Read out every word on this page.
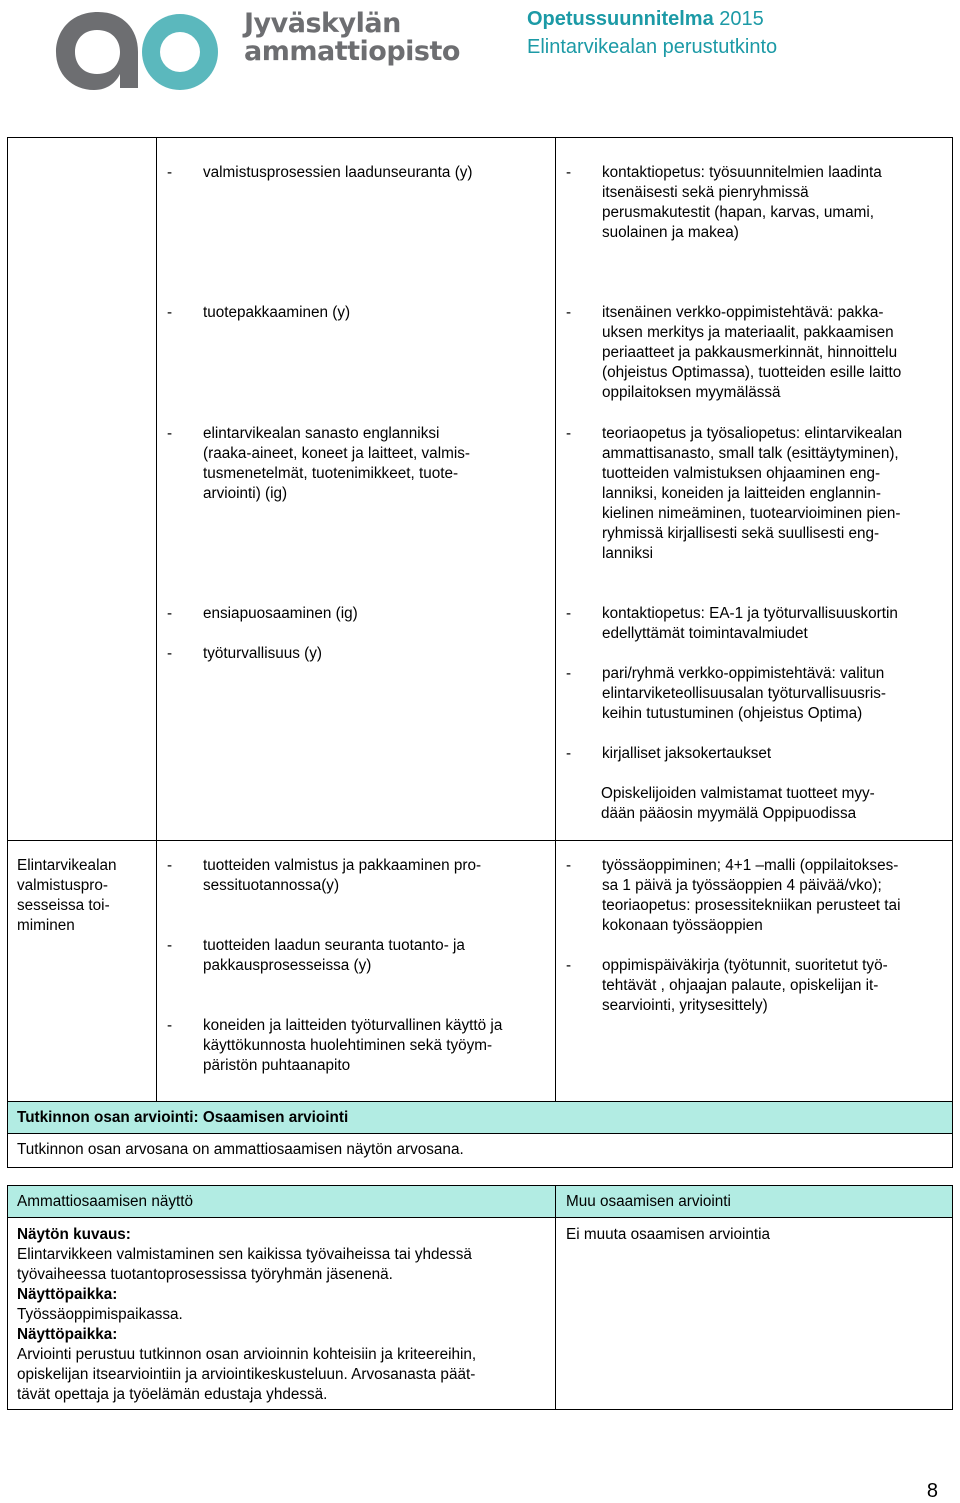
Jyväskylän
ammattiopisto
Opetussuunnitelma 2015
Elintarvikealan perustutkinto
- valmistusprosessien laadunseuranta (y)	- kontaktiopetus: työsuunnitelmien laadinta
itsenäisesti sekä pienryhmissä
perusmakutestit (hapan, karvas, umami,
suolainen ja makea)
- tuotepakkaaminen (y)
- elintarvikealan sanasto englanniksi
(raaka-aineet, koneet ja laitteet, valmis-
tusmenetelmät, tuotenimikkeet, tuote-
arviointi) (ig)
- itsenäinen verkko-oppimistehtävä: pakka-
uksen merkitys ja materiaalit, pakkaamisen
periaatteet ja pakkausmerkinnät, hinnoittelu
(ohjeistus Optimassa), tuotteiden esille laitto
oppilaitoksen myymälässä
- teoriaopetus ja työsaliopetus: elintarvikealan
ammattisanasto, small talk (esittäytyminen),
tuotteiden valmistuksen ohjaaminen eng-
lanniksi, koneiden ja laitteiden englannin-
kielinen nimeäminen, tuotearvioiminen pien-
ryhmissä kirjallisesti sekä suullisesti eng-
lanniksi
- ensiapuosaaminen (ig)
- työturvallisuus (y)
- kontaktiopetus: EA-1 ja työturvallisuuskortin
edellyttämät toimintavalmiudet
- pari/ryhmä verkko-oppimistehtävä: valitun
elintarviketeollisuusalan työturvallisuusris-
keihin tutustuminen (ohjeistus Optima)
- kirjalliset jaksokertaukset
Opiskelijoiden valmistamat tuotteet myy-
dään pääosin myymälä Oppipuodissa
Elintarvikealan
valmistuspro-
sesseissa toi-
miminen
- tuotteiden valmistus ja pakkaaminen pro-
sessituotannossa(y)
- tuotteiden laadun seuranta tuotanto- ja
pakkausprosesseissa (y)
- koneiden ja laitteiden työturvallinen käyttö ja
käyttökunnosta huolehtiminen sekä työym-
päristön puhtaanapito
- työssäoppiminen; 4+1 –malli (oppilaitokses-
sa 1 päivä ja työssäoppien 4 päivää/vko);
teoriaopetus: prosessitekniikan perusteet tai
kokonaan työssäoppien
- oppimispäiväkirja (työtunnit, suoritetut työ-
tehtävät , ohjaajan palaute, opiskelijan it-
searviointi, yritysesittely)
Tutkinnon osan arviointi: Osaamisen arviointi
Tutkinnon osan arvosana on ammattiosaamisen näytön arvosana.
Ammattiosaamisen näyttö	Muu osaamisen arviointi
Näytön kuvaus:
Elintarvikkeen valmistaminen sen kaikissa työvaiheissa tai yhdessä
työvaiheessa tuotantoprosessissa työryhmän jäsenenä.
Näyttöpaikka:
Työssäoppimispaikassa.
Näyttöpaikka:
Arviointi perustuu tutkinnon osan arvioinnin kohteisiin ja kriteereihin,
opiskelijan itsearviointiin ja arviointikeskusteluun. Arvosanasta päät-
tävät opettaja ja työelämän edustaja yhdessä.
Ei muuta osaamisen arviointia
8
